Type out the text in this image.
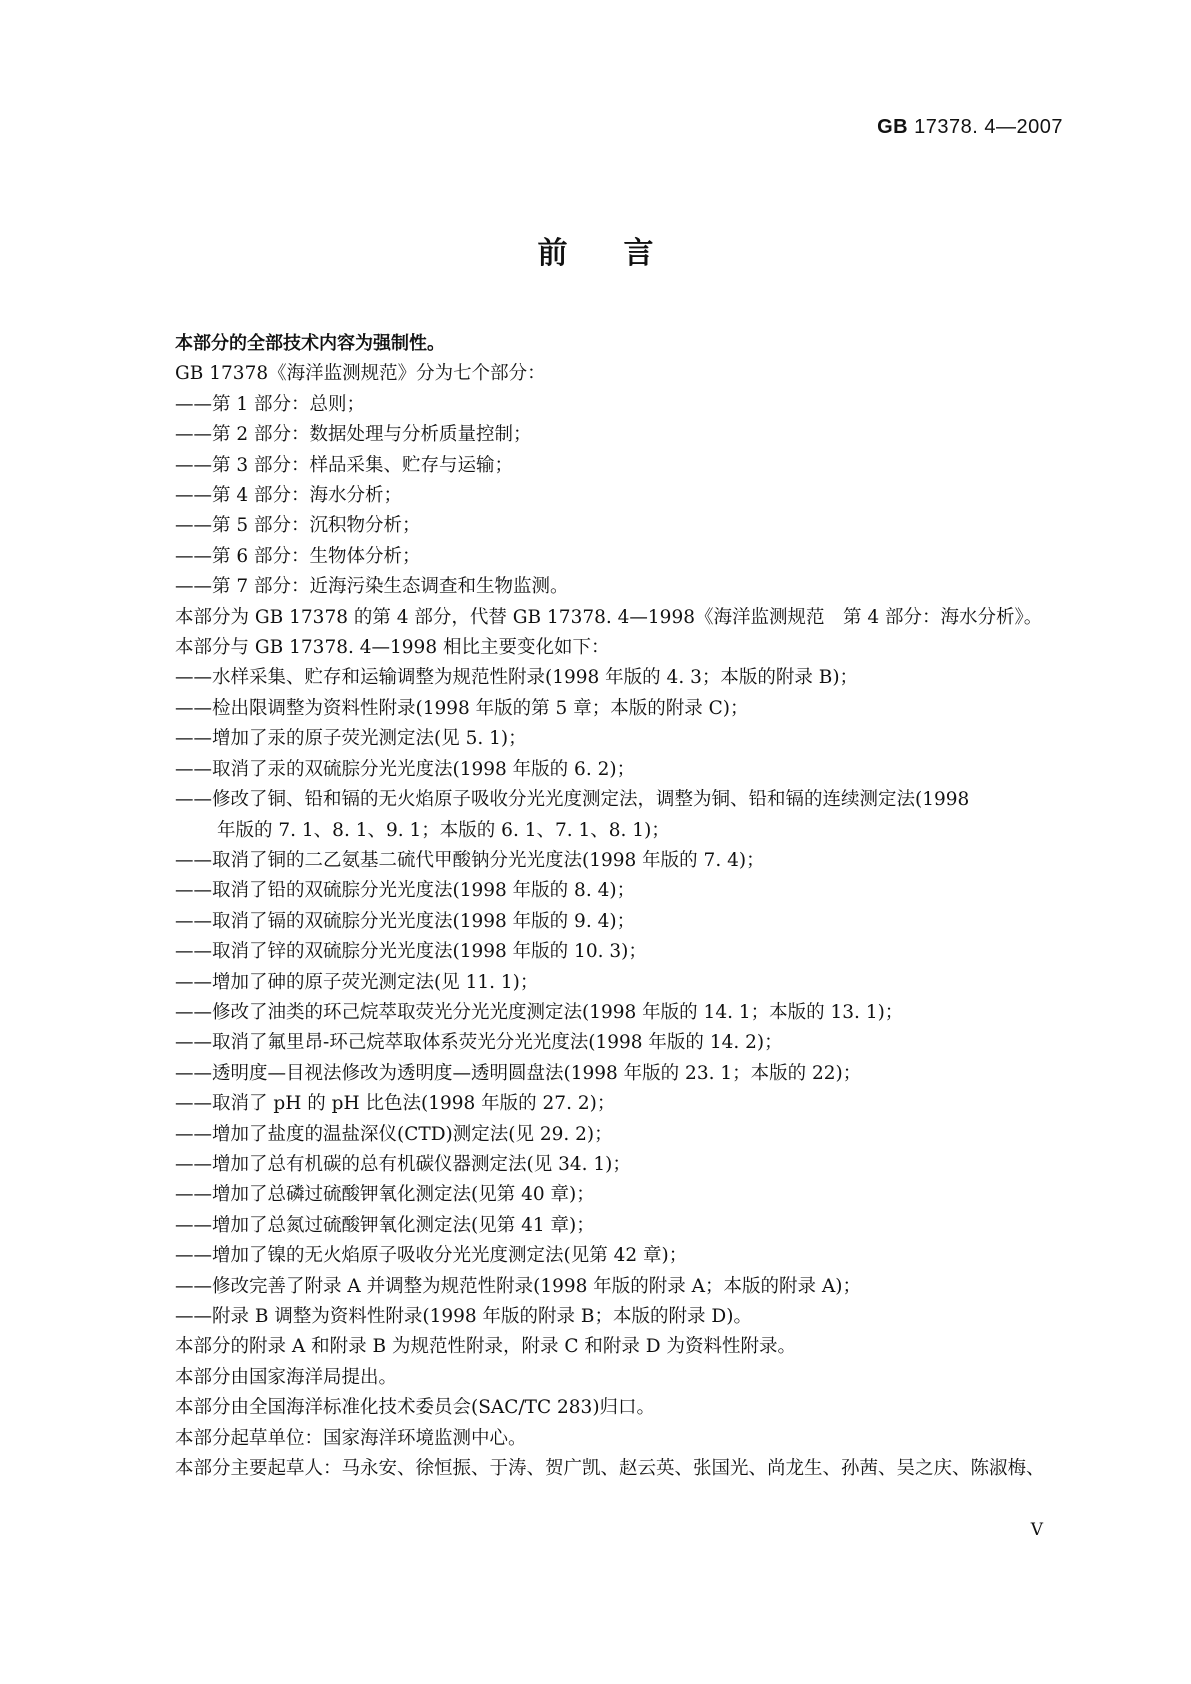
GB 17378. 4—2007
前言
本部分的全部技术内容为强制性。
GB 17378《海洋监测规范》分为七个部分：
——第 1 部分：总则；
——第 2 部分：数据处理与分析质量控制；
——第 3 部分：样品采集、贮存与运输；
——第 4 部分：海水分析；
——第 5 部分：沉积物分析；
——第 6 部分：生物体分析；
——第 7 部分：近海污染生态调查和生物监测。
本部分为 GB 17378 的第 4 部分，代替 GB 17378. 4—1998《海洋监测规范　第 4 部分：海水分析》。
本部分与 GB 17378. 4—1998 相比主要变化如下：
——水样采集、贮存和运输调整为规范性附录(1998 年版的 4. 3；本版的附录 B)；
——检出限调整为资料性附录(1998 年版的第 5 章；本版的附录 C)；
——增加了汞的原子荧光测定法(见 5. 1)；
——取消了汞的双硫腙分光光度法(1998 年版的 6. 2)；
——修改了铜、铅和镉的无火焰原子吸收分光光度测定法，调整为铜、铅和镉的连续测定法(1998
年版的 7. 1、8. 1、9. 1；本版的 6. 1、7. 1、8. 1)；
——取消了铜的二乙氨基二硫代甲酸钠分光光度法(1998 年版的 7. 4)；
——取消了铅的双硫腙分光光度法(1998 年版的 8. 4)；
——取消了镉的双硫腙分光光度法(1998 年版的 9. 4)；
——取消了锌的双硫腙分光光度法(1998 年版的 10. 3)；
——增加了砷的原子荧光测定法(见 11. 1)；
——修改了油类的环己烷萃取荧光分光光度测定法(1998 年版的 14. 1；本版的 13. 1)；
——取消了氟里昂-环己烷萃取体系荧光分光光度法(1998 年版的 14. 2)；
——透明度—目视法修改为透明度—透明圆盘法(1998 年版的 23. 1；本版的 22)；
——取消了 pH 的 pH 比色法(1998 年版的 27. 2)；
——增加了盐度的温盐深仪(CTD)测定法(见 29. 2)；
——增加了总有机碳的总有机碳仪器测定法(见 34. 1)；
——增加了总磷过硫酸钾氧化测定法(见第 40 章)；
——增加了总氮过硫酸钾氧化测定法(见第 41 章)；
——增加了镍的无火焰原子吸收分光光度测定法(见第 42 章)；
——修改完善了附录 A 并调整为规范性附录(1998 年版的附录 A；本版的附录 A)；
——附录 B 调整为资料性附录(1998 年版的附录 B；本版的附录 D)。
本部分的附录 A 和附录 B 为规范性附录，附录 C 和附录 D 为资料性附录。
本部分由国家海洋局提出。
本部分由全国海洋标准化技术委员会(SAC/TC 283)归口。
本部分起草单位：国家海洋环境监测中心。
本部分主要起草人：马永安、徐恒振、于涛、贺广凯、赵云英、张国光、尚龙生、孙茜、吴之庆、陈淑梅、
V
